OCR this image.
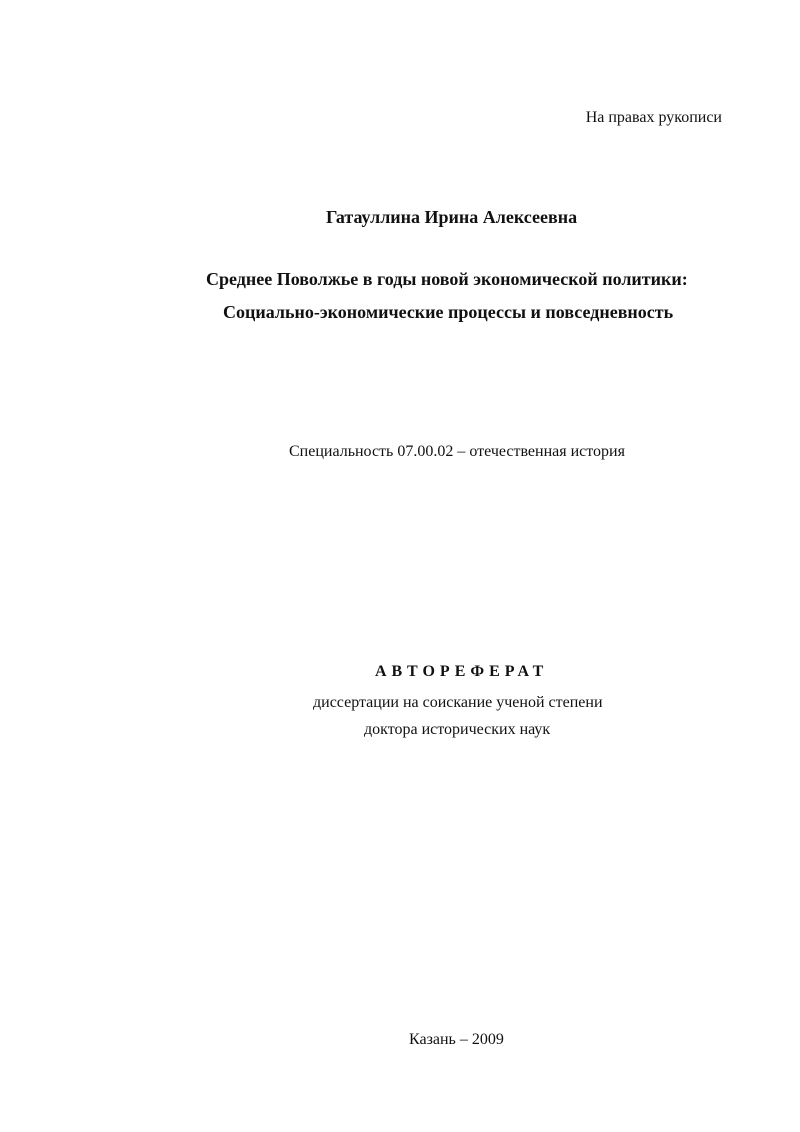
На правах рукописи
Гатауллина Ирина Алексеевна
Среднее Поволжье в годы новой экономической политики:
Социально-экономические процессы и повседневность
Специальность 07.00.02 – отечественная история
АВТОРЕФЕРАТ
диссертации на соискание ученой степени
доктора исторических наук
Казань – 2009
